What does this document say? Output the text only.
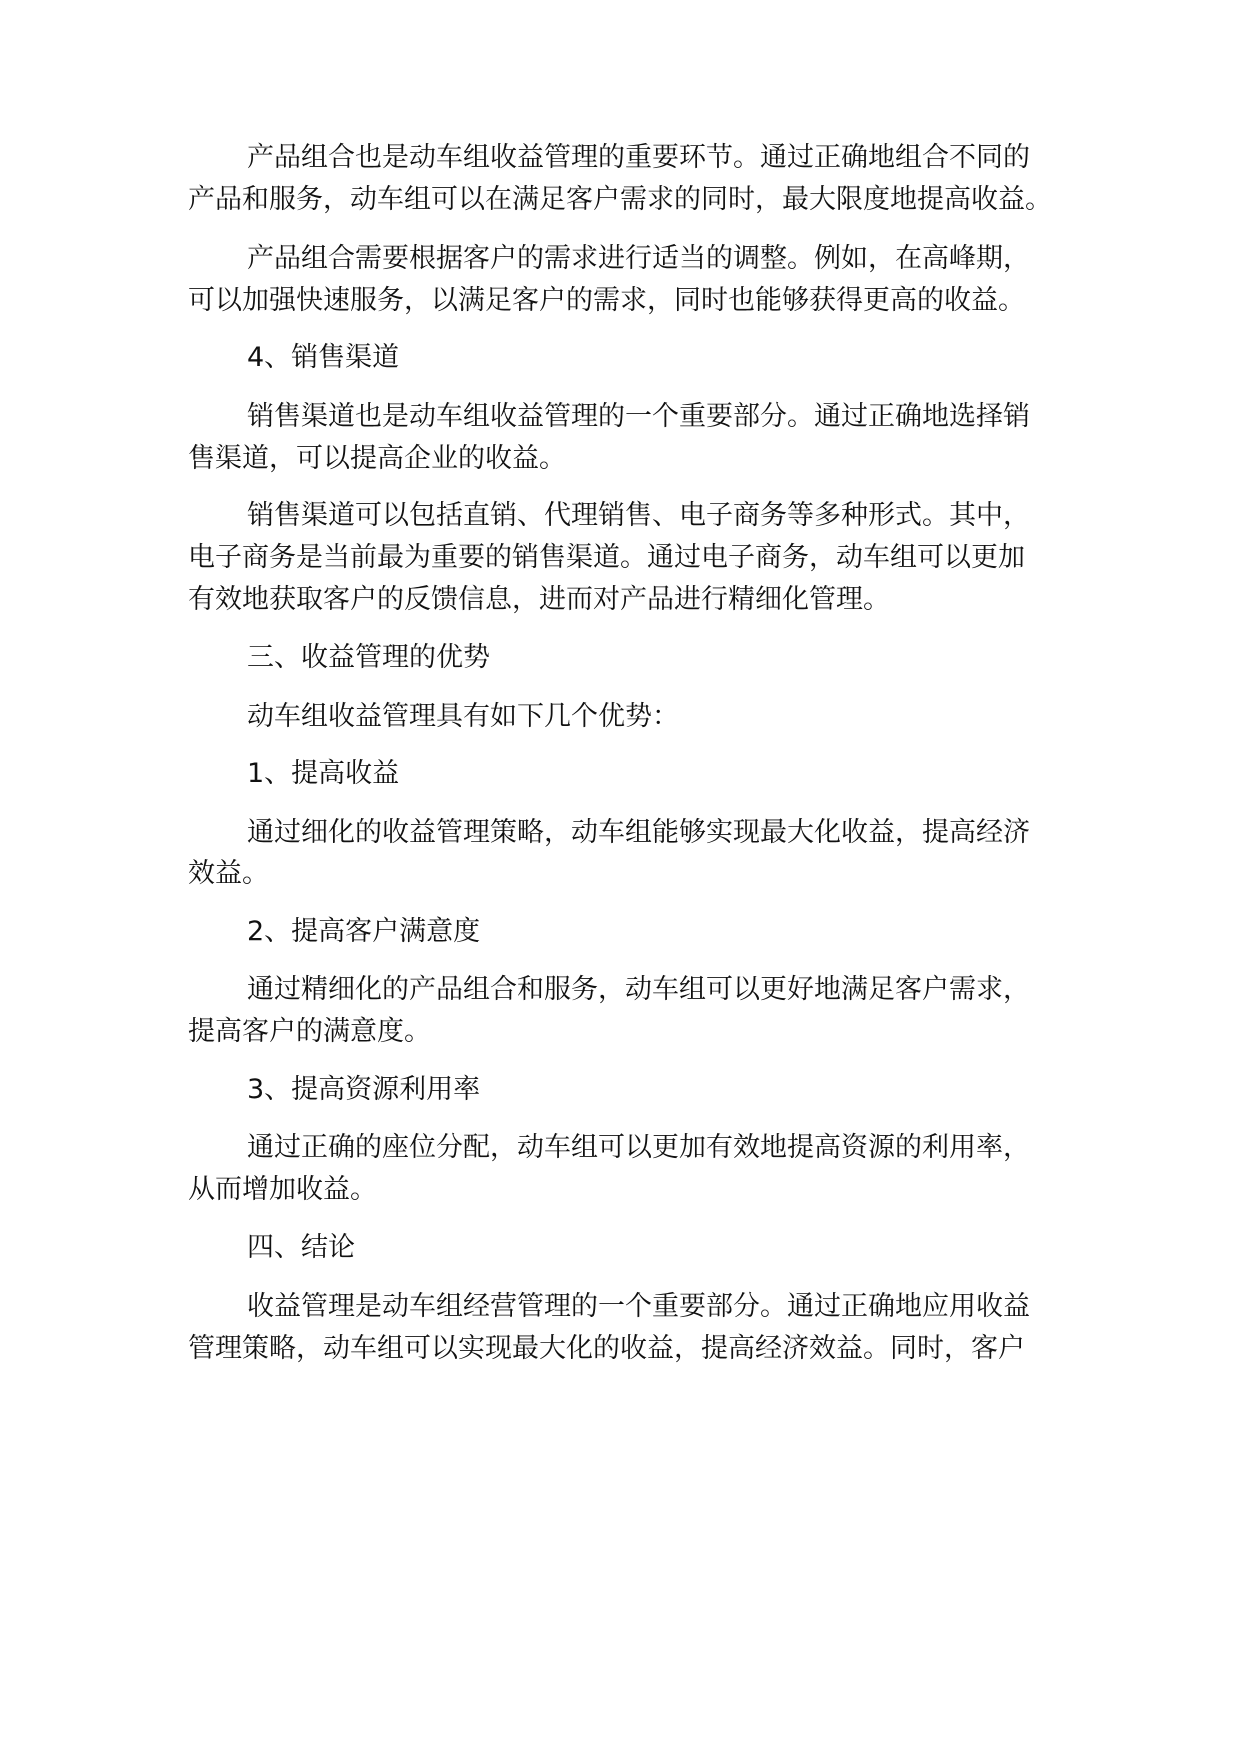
产品组合也是动车组收益管理的重要环节。通过正确地组合不同的
产品和服务，动车组可以在满足客户需求的同时，最大限度地提高收益。
产品组合需要根据客户的需求进行适当的调整。例如，在高峰期，
可以加强快速服务，以满足客户的需求，同时也能够获得更高的收益。
4、销售渠道
销售渠道也是动车组收益管理的一个重要部分。通过正确地选择销
售渠道，可以提高企业的收益。
销售渠道可以包括直销、代理销售、电子商务等多种形式。其中，
电子商务是当前最为重要的销售渠道。通过电子商务，动车组可以更加
有效地获取客户的反馈信息，进而对产品进行精细化管理。
三、收益管理的优势
动车组收益管理具有如下几个优势：
1、提高收益
通过细化的收益管理策略，动车组能够实现最大化收益，提高经济
效益。
2、提高客户满意度
通过精细化的产品组合和服务，动车组可以更好地满足客户需求，
提高客户的满意度。
3、提高资源利用率
通过正确的座位分配，动车组可以更加有效地提高资源的利用率，
从而增加收益。
四、结论
收益管理是动车组经营管理的一个重要部分。通过正确地应用收益
管理策略，动车组可以实现最大化的收益，提高经济效益。同时，客户
